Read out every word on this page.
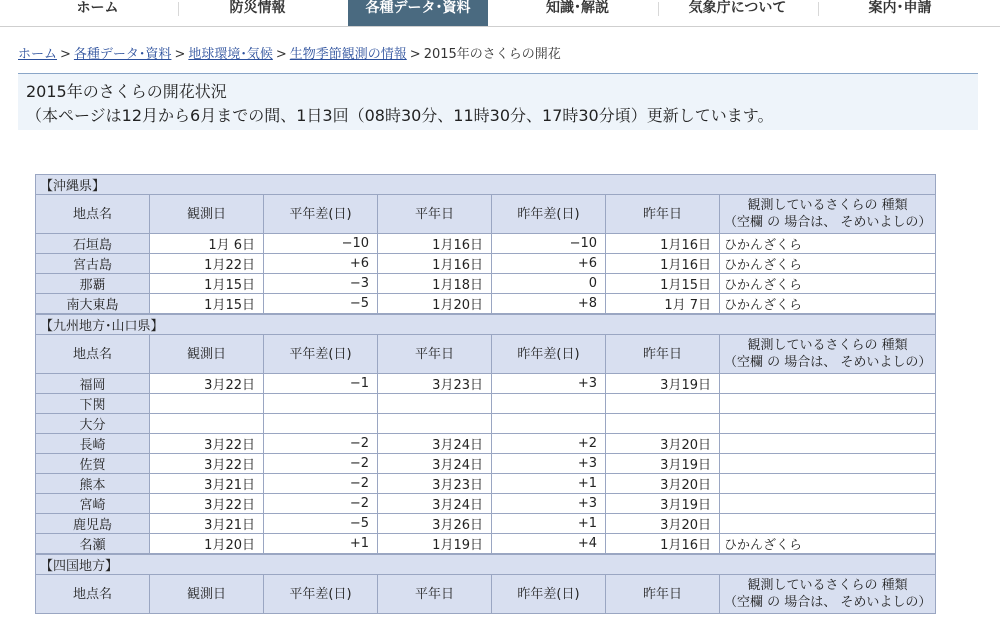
ホーム	防災情報	各種データ･資料	知識･解説	気象庁について	案内･申請
ホーム > 各種データ･資料 > 地球環境･気候 > 生物季節観測の情報 > 2015年のさくらの開花
2015年のさくらの開花状況
（本ページは12月から6月までの間、1日3回（08時30分、11時30分、17時30分頃）更新しています。
【沖縄県】						
地点名	観測日	平年差(日)	平年日	昨年差(日)	昨年日	観測しているさくらの 種類
（空欄 の 場合は、 そめいよしの）
石垣島	1月 6日	−10	1月16日	−10	1月16日	ひかんざくら
宮古島	1月22日	+6	1月16日	+6	1月16日	ひかんざくら
那覇	1月15日	−3	1月18日	0	1月15日	ひかんざくら
南大東島	1月15日	−5	1月20日	+8	1月 7日	ひかんざくら
【九州地方･山口県】						
地点名	観測日	平年差(日)	平年日	昨年差(日)	昨年日	観測しているさくらの 種類
（空欄 の 場合は、 そめいよしの）
福岡	3月22日	−1	3月23日	+3	3月19日	
下関						
大分						
長崎	3月22日	−2	3月24日	+2	3月20日	
佐賀	3月22日	−2	3月24日	+3	3月19日	
熊本	3月21日	−2	3月23日	+1	3月20日	
宮崎	3月22日	−2	3月24日	+3	3月19日	
鹿児島	3月21日	−5	3月26日	+1	3月20日	
名瀬	1月20日	+1	1月19日	+4	1月16日	ひかんざくら
【四国地方】
地点名	観測日	平年差(日)	平年日	昨年差(日)	昨年日	観測しているさくらの 種類
（空欄 の 場合は、 そめいよしの）
